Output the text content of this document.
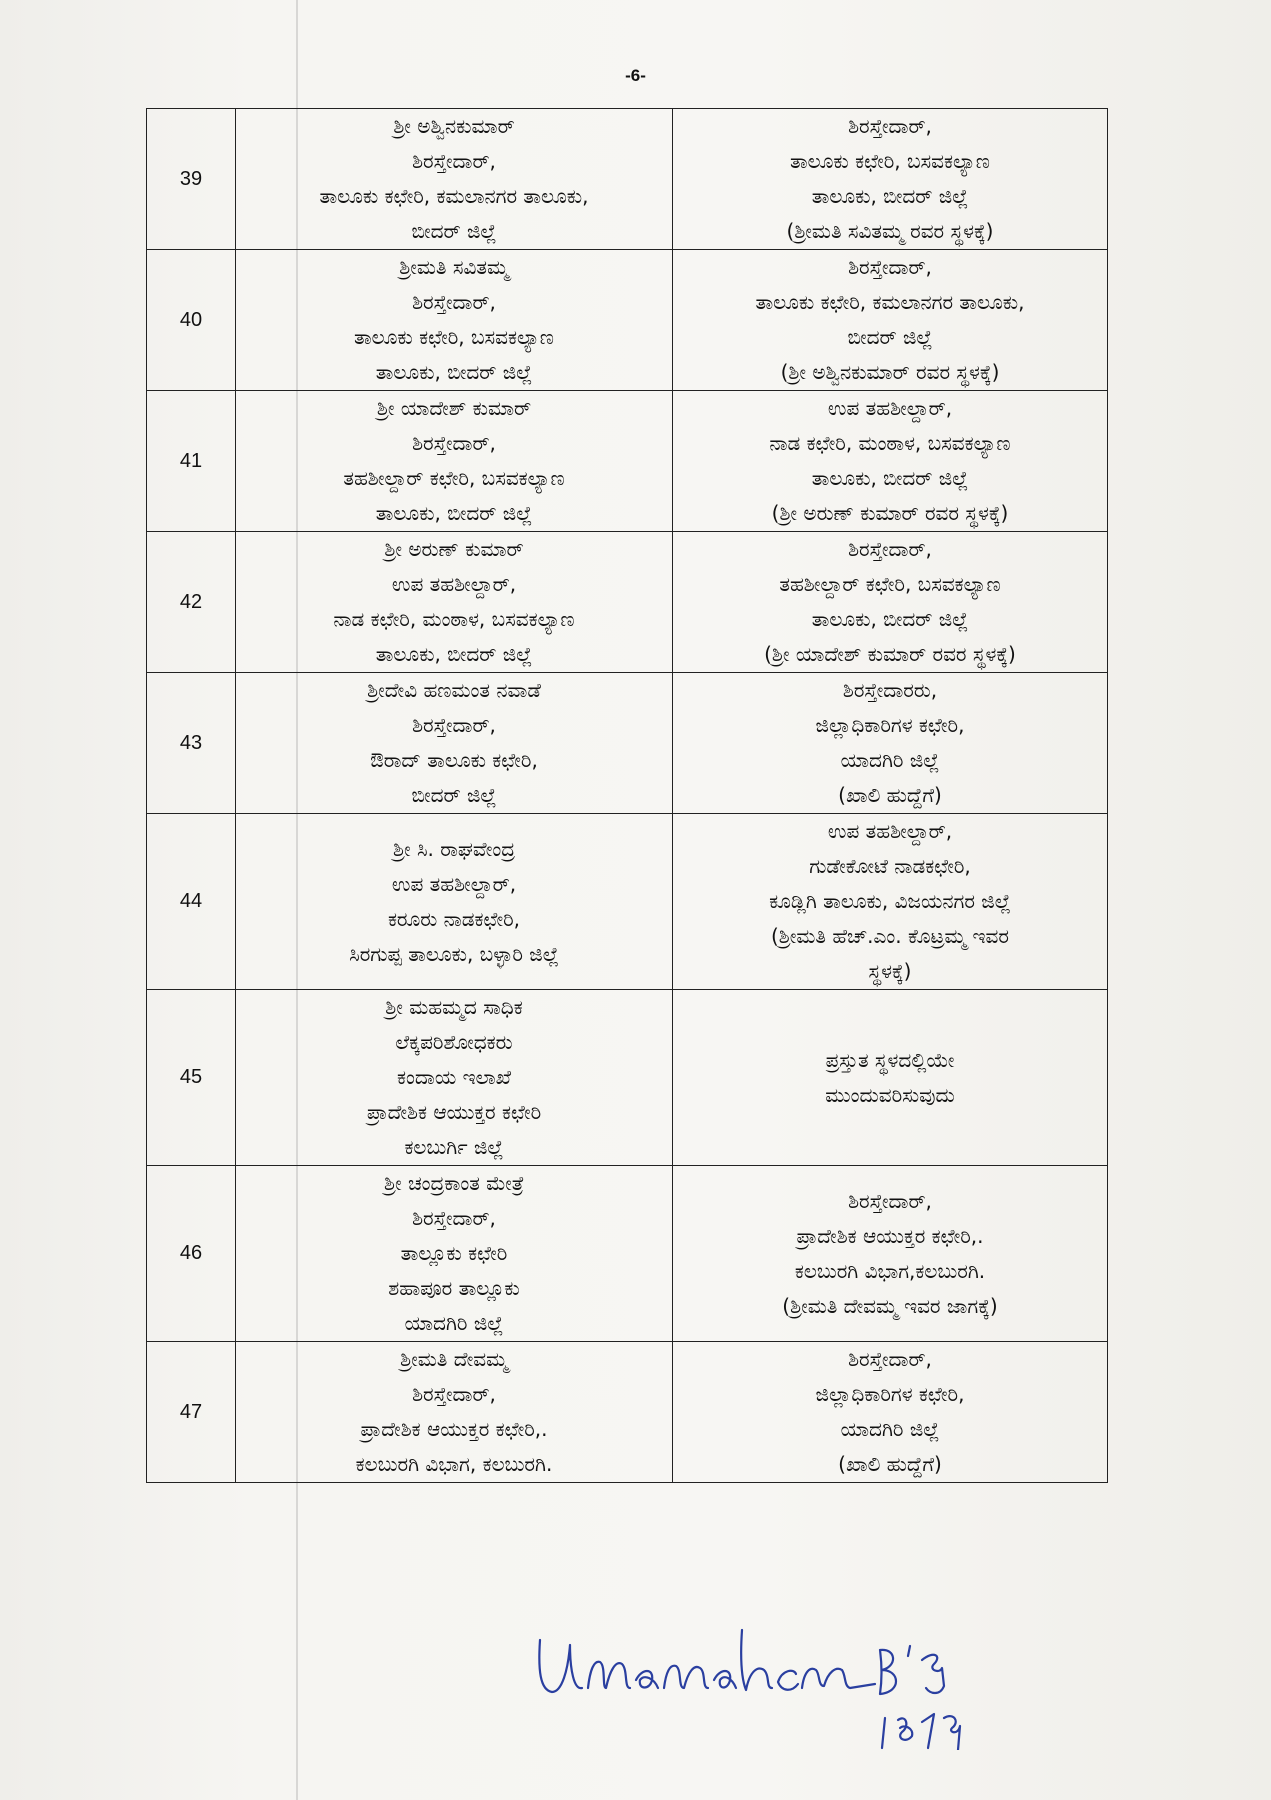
-6-
39	ಶ್ರೀ ಅಶ್ವಿನಕುಮಾರ್
ಶಿರಸ್ತೇದಾರ್,
ತಾಲೂಕು ಕಛೇರಿ, ಕಮಲಾನಗರ ತಾಲೂಕು,
ಬೀದರ್ ಜಿಲ್ಲೆ	ಶಿರಸ್ತೇದಾರ್,
ತಾಲೂಕು ಕಛೇರಿ, ಬಸವಕಲ್ಯಾಣ
ತಾಲೂಕು, ಬೀದರ್ ಜಿಲ್ಲೆ
(ಶ್ರೀಮತಿ ಸವಿತಮ್ಮ ರವರ ಸ್ಥಳಕ್ಕೆ)

40	ಶ್ರೀಮತಿ ಸವಿತಮ್ಮ
ಶಿರಸ್ತೇದಾರ್,
ತಾಲೂಕು ಕಛೇರಿ, ಬಸವಕಲ್ಯಾಣ
ತಾಲೂಕು, ಬೀದರ್ ಜಿಲ್ಲೆ	ಶಿರಸ್ತೇದಾರ್,
ತಾಲೂಕು ಕಛೇರಿ, ಕಮಲಾನಗರ ತಾಲೂಕು,
ಬೀದರ್ ಜಿಲ್ಲೆ
(ಶ್ರೀ ಅಶ್ವಿನಕುಮಾರ್ ರವರ ಸ್ಥಳಕ್ಕೆ)

41	ಶ್ರೀ ಯಾದೇಶ್ ಕುಮಾರ್
ಶಿರಸ್ತೇದಾರ್,
ತಹಶೀಲ್ದಾರ್ ಕಛೇರಿ, ಬಸವಕಲ್ಯಾಣ
ತಾಲೂಕು, ಬೀದರ್ ಜಿಲ್ಲೆ	ಉಪ ತಹಶೀಲ್ದಾರ್,
ನಾಡ ಕಛೇರಿ, ಮಂಠಾಳ, ಬಸವಕಲ್ಯಾಣ
ತಾಲೂಕು, ಬೀದರ್ ಜಿಲ್ಲೆ
(ಶ್ರೀ ಅರುಣ್ ಕುಮಾರ್ ರವರ ಸ್ಥಳಕ್ಕೆ)

42	ಶ್ರೀ ಅರುಣ್ ಕುಮಾರ್
ಉಪ ತಹಶೀಲ್ದಾರ್,
ನಾಡ ಕಛೇರಿ, ಮಂಠಾಳ, ಬಸವಕಲ್ಯಾಣ
ತಾಲೂಕು, ಬೀದರ್ ಜಿಲ್ಲೆ	ಶಿರಸ್ತೇದಾರ್,
ತಹಶೀಲ್ದಾರ್ ಕಛೇರಿ, ಬಸವಕಲ್ಯಾಣ
ತಾಲೂಕು, ಬೀದರ್ ಜಿಲ್ಲೆ
(ಶ್ರೀ ಯಾದೇಶ್ ಕುಮಾರ್ ರವರ ಸ್ಥಳಕ್ಕೆ)

43	ಶ್ರೀದೇವಿ ಹಣಮಂತ ನವಾಡೆ
ಶಿರಸ್ತೇದಾರ್,
ಔರಾದ್ ತಾಲೂಕು ಕಛೇರಿ,
ಬೀದರ್ ಜಿಲ್ಲೆ	ಶಿರಸ್ತೇದಾರರು,
ಜಿಲ್ಲಾಧಿಕಾರಿಗಳ ಕಛೇರಿ,
ಯಾದಗಿರಿ ಜಿಲ್ಲೆ
(ಖಾಲಿ ಹುದ್ದೆಗೆ)

44	ಶ್ರೀ ಸಿ. ರಾಘವೇಂದ್ರ
ಉಪ ತಹಶೀಲ್ದಾರ್,
ಕರೂರು ನಾಡಕಛೇರಿ,
ಸಿರಗುಪ್ಪ ತಾಲೂಕು, ಬಳ್ಳಾರಿ ಜಿಲ್ಲೆ	ಉಪ ತಹಶೀಲ್ದಾರ್,
ಗುಡೇಕೋಟೆ ನಾಡಕಛೇರಿ,
ಕೂಡ್ಲಿಗಿ ತಾಲೂಕು, ವಿಜಯನಗರ ಜಿಲ್ಲೆ
(ಶ್ರೀಮತಿ ಹೆಚ್.ಎಂ. ಕೊಟ್ರಮ್ಮ ಇವರ
ಸ್ಥಳಕ್ಕೆ)

45	ಶ್ರೀ ಮಹಮ್ಮದ ಸಾಧಿಕ
ಲೆಕ್ಕಪರಿಶೋಧಕರು
ಕಂದಾಯ ಇಲಾಖೆ
ಪ್ರಾದೇಶಿಕ ಆಯುಕ್ತರ ಕಛೇರಿ
ಕಲಬುರ್ಗಿ ಜಿಲ್ಲೆ	ಪ್ರಸ್ತುತ ಸ್ಥಳದಲ್ಲಿಯೇ
ಮುಂದುವರಿಸುವುದು

46	ಶ್ರೀ ಚಂದ್ರಕಾಂತ ಮೇತ್ರೆ
ಶಿರಸ್ತೇದಾರ್,
ತಾಲ್ಲೂಕು ಕಛೇರಿ
ಶಹಾಪೂರ ತಾಲ್ಲೂಕು
ಯಾದಗಿರಿ ಜಿಲ್ಲೆ	ಶಿರಸ್ತೇದಾರ್,
ಪ್ರಾದೇಶಿಕ ಆಯುಕ್ತರ ಕಛೇರಿ,.
ಕಲಬುರಗಿ ವಿಭಾಗ,ಕಲಬುರಗಿ.
(ಶ್ರೀಮತಿ ದೇವಮ್ಮ ಇವರ ಜಾಗಕ್ಕೆ)

47	ಶ್ರೀಮತಿ ದೇವಮ್ಮ
ಶಿರಸ್ತೇದಾರ್,
ಪ್ರಾದೇಶಿಕ ಆಯುಕ್ತರ ಕಛೇರಿ,.
ಕಲಬುರಗಿ ವಿಭಾಗ, ಕಲಬುರಗಿ.	ಶಿರಸ್ತೇದಾರ್,
ಜಿಲ್ಲಾಧಿಕಾರಿಗಳ ಕಛೇರಿ,
ಯಾದಗಿರಿ ಜಿಲ್ಲೆ
(ಖಾಲಿ ಹುದ್ದೆಗೆ)
